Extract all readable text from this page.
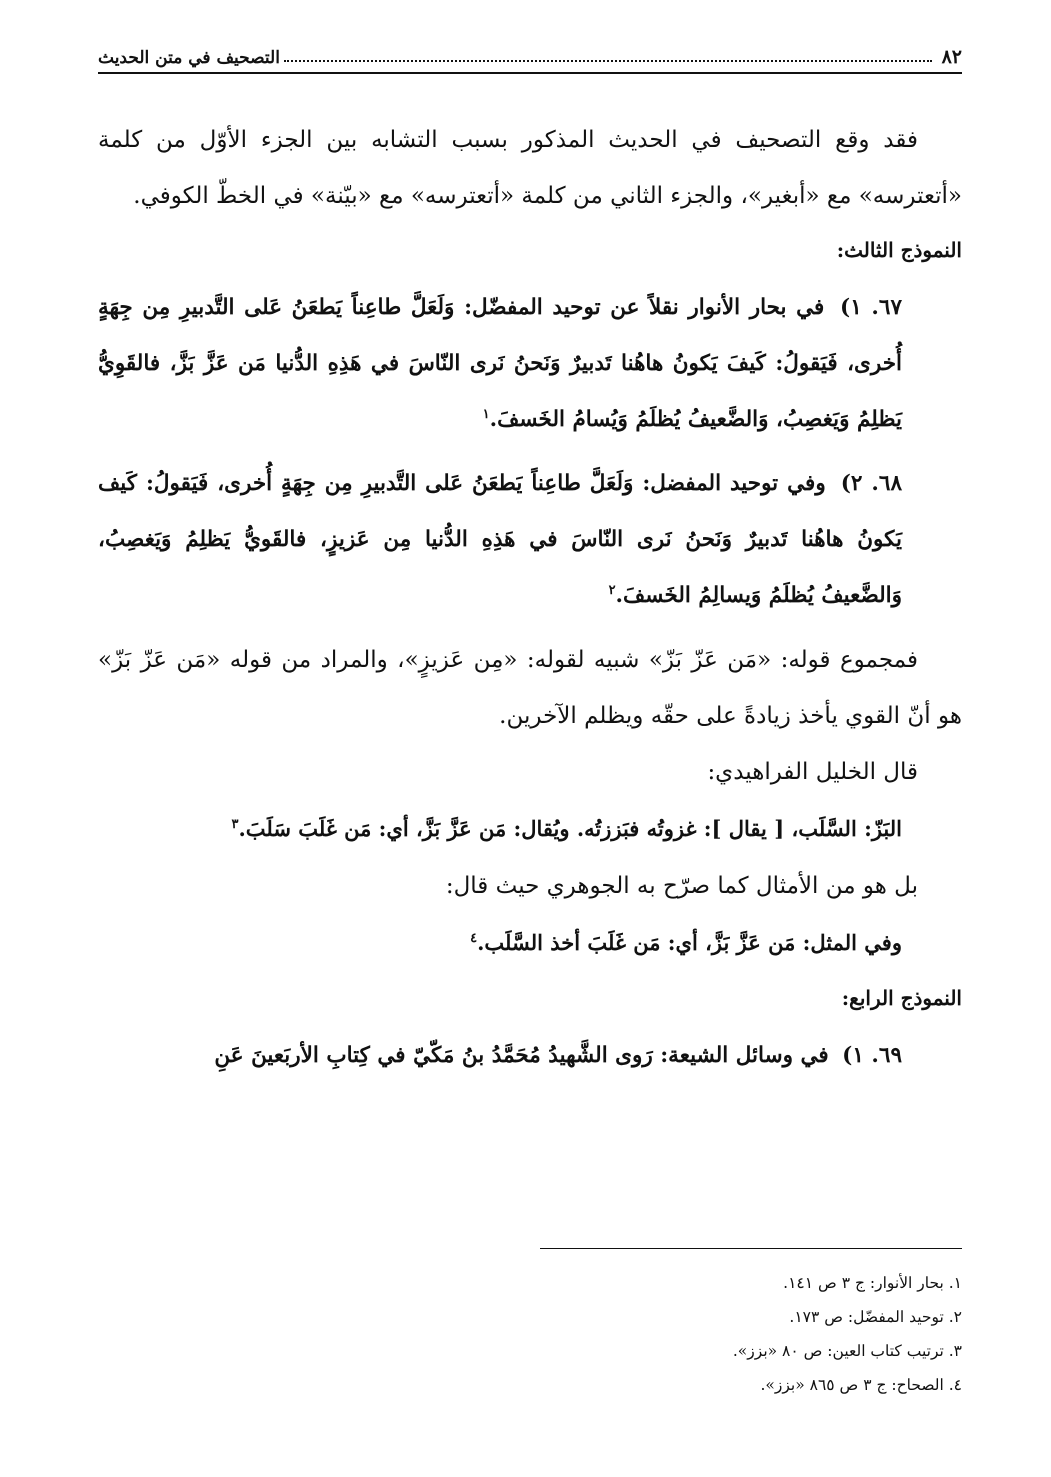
٨٢
التصحيف في متن الحديث

فقد وقع التصحيف في الحديث المذكور بسبب التشابه بين الجزء الأوّل من كلمة «أتعترسه» مع «أبغير»، والجزء الثاني من كلمة «أتعترسه» مع «بيّنة» في الخطّ الكوفي.

النموذج الثالث:

٦٧. ١) في بحار الأنوار نقلاً عن توحيد المفضّل: وَلَعَلَّ طاعِناً يَطعَنُ عَلى التَّدبيرِ مِن جِهَةٍ أُخرى، فَيَقولُ: كَيفَ يَكونُ هاهُنا تَدبيرٌ وَنَحنُ نَرى النّاسَ في هَذِهِ الدُّنيا مَن عَزَّ بَزَّ، فالقَوِيُّ يَظلِمُ وَيَغصِبُ، وَالضَّعيفُ يُظلَمُ وَيُسامُ الخَسفَ.$^١$

٦٨. ٢) وفي توحيد المفضل: وَلَعَلَّ طاعِناً يَطعَنُ عَلى التَّدبيرِ مِن جِهَةٍ أُخرى، فَيَقولُ: كَيف يَكونُ هاهُنا تَدبيرٌ وَنَحنُ نَرى النّاسَ في هَذِهِ الدُّنيا مِن عَزيزٍ، فالقَويُّ يَظلِمُ وَيَغصِبُ، وَالضَّعيفُ يُظلَمُ وَيسالِمُ الخَسفَ.$^٢$

فمجموع قوله: «مَن عَزّ بَزّ» شبيه لقوله: «مِن عَزيزٍ»، والمراد من قوله «مَن عَزّ بَزّ» هو أنّ القوي يأخذ زيادةً على حقّه ويظلم الآخرين.

قال الخليل الفراهيدي:

البَزّ: السَّلَب، [ يقال ]: غزوتُه فبَززتُه. ويُقال: مَن عَزَّ بَزَّ، أي: مَن غَلَبَ سَلَبَ.$^٣$

بل هو من الأمثال كما صرّح به الجوهري حيث قال:

وفي المثل: مَن عَزَّ بَزَّ، أي: مَن غَلَبَ أخذ السَّلَب.$^٤$

النموذج الرابع:

٦٩. ١) في وسائل الشيعة: رَوى الشَّهيدُ مُحَمَّدُ بنُ مَكّيّ في كِتابِ الأربَعينَ عَنِ

١. بحار الأنوار: ج ٣ ص ١٤١.
٢. توحيد المفضّل: ص ١٧٣.
٣. ترتيب كتاب العين: ص ٨٠ «بزز».
٤. الصحاح: ج ٣ ص ٨٦٥ «بزز».
